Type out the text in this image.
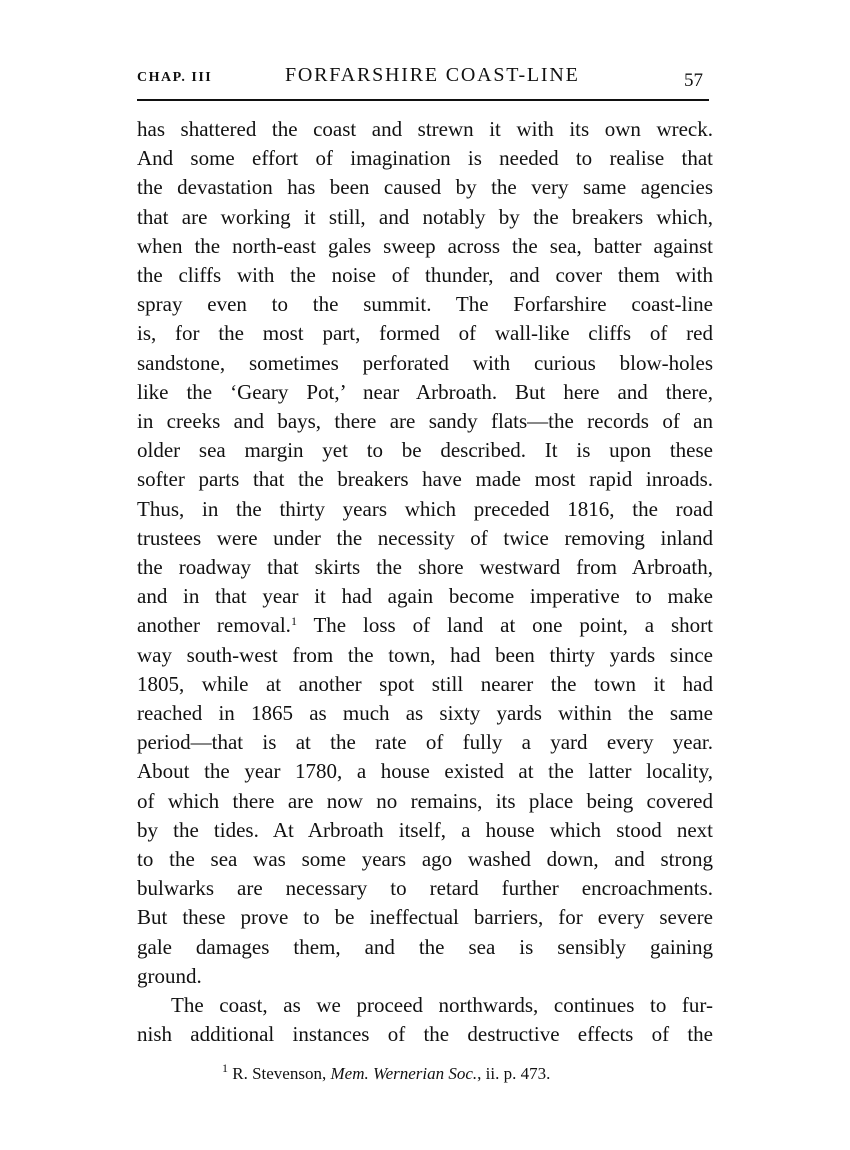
CHAP. III	FORFARSHIRE COAST-LINE	57
has shattered the coast and strewn it with its own wreck.
And some effort of imagination is needed to realise that
the devastation has been caused by the very same agencies
that are working it still, and notably by the breakers which,
when the north-east gales sweep across the sea, batter against
the cliffs with the noise of thunder, and cover them with
spray even to the summit. The Forfarshire coast-line
is, for the most part, formed of wall-like cliffs of red
sandstone, sometimes perforated with curious blow-holes
like the ‘Geary Pot,’ near Arbroath. But here and there,
in creeks and bays, there are sandy flats—the records of an
older sea margin yet to be described. It is upon these
softer parts that the breakers have made most rapid inroads.
Thus, in the thirty years which preceded 1816, the road
trustees were under the necessity of twice removing inland
the roadway that skirts the shore westward from Arbroath,
and in that year it had again become imperative to make
another removal.$^1$ The loss of land at one point, a short
way south-west from the town, had been thirty yards since
1805, while at another spot still nearer the town it had
reached in 1865 as much as sixty yards within the same
period—that is at the rate of fully a yard every year.
About the year 1780, a house existed at the latter locality,
of which there are now no remains, its place being covered
by the tides. At Arbroath itself, a house which stood next
to the sea was some years ago washed down, and strong
bulwarks are necessary to retard further encroachments.
But these prove to be ineffectual barriers, for every severe
gale damages them, and the sea is sensibly gaining
ground.
The coast, as we proceed northwards, continues to fur-
nish additional instances of the destructive effects of the
$^1$ R. Stevenson, Mem. Wernerian Soc., ii. p. 473.
